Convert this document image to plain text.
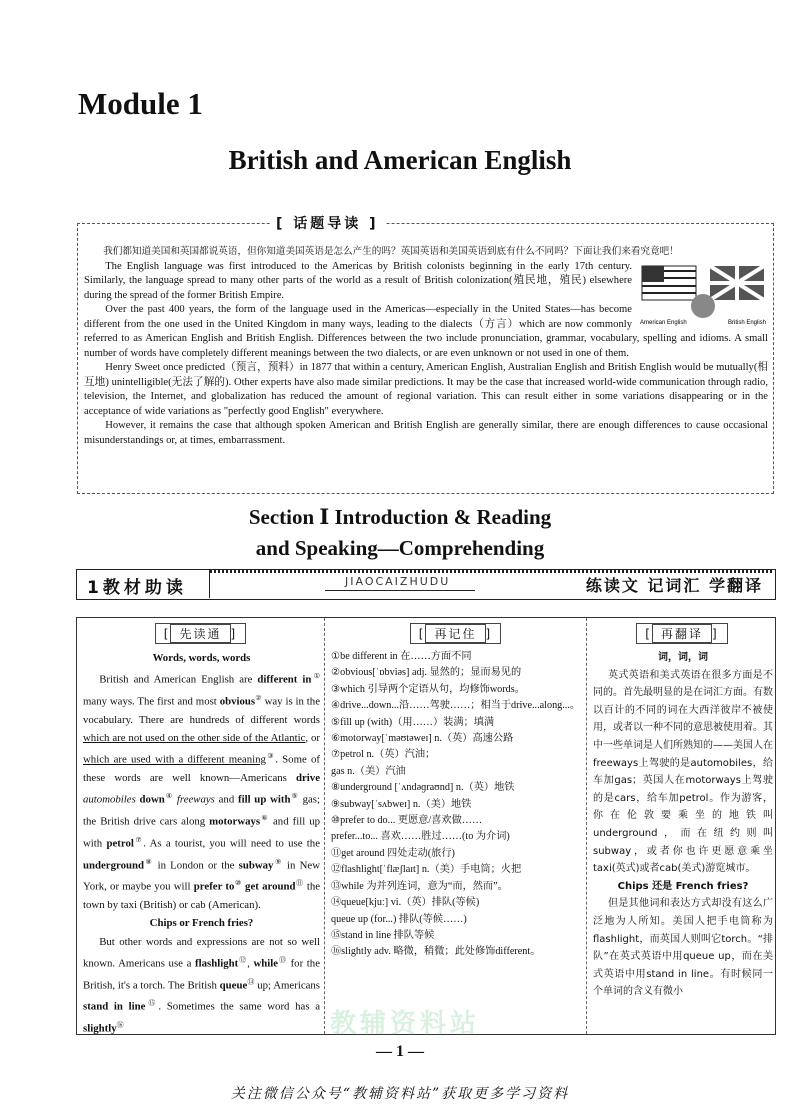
Module 1
British and American English
[ 话题导读 ]

我们都知道美国和英国都说英语，但你知道美国英语是怎么产生的吗？英国英语和美国英语到底有什么不同吗？下面让我们来看究竟吧！

American English	British English

The English language was first introduced to the Americas by British colonists beginning in the early 17th century. Similarly, the language spread to many other parts of the world as a result of British colonization(殖民地，殖民) elsewhere during the spread of the former British Empire.

Over the past 400 years, the form of the language used in the Americas—especially in the United States—has become different from the one used in the United Kingdom in many ways, leading to the dialects（方言）which are now commonly referred to as American English and British English. Differences between the two include pronunciation, grammar, vocabulary, spelling and idioms. A small number of words have completely different meanings between the two dialects, or are even unknown or not used in one of them.

Henry Sweet once predicted（预言，预料）in 1877 that within a century, American English, Australian English and British English would be mutually(相互地) unintelligible(无法了解的). Other experts have also made similar predictions. It may be the case that increased world-wide communication through radio, television, the Internet, and globalization has reduced the amount of regional variation. This can result either in some variations disappearing or in the acceptance of wide variations as "perfectly good English" everywhere.

However, it remains the case that although spoken American and British English are generally similar, there are enough differences to cause occasional misunderstandings or, at times, embarrassment.

Section Ⅰ Introduction & Reading
and Speaking—Comprehending
1教材助读	JIAOCAIZHUDU	练读文 记词汇 学翻译
[ 先读通 ]
Words, words, words
British and American English are different in① many ways. The first and most obvious② way is in the vocabulary. There are hundreds of different words which are not used on the other side of the Atlantic, or which are used with a different meaning③. Some of these words are well known—Americans drive automobiles down④ freeways and fill up with⑤ gas; the British drive cars along motorways⑥ and fill up with petrol⑦. As a tourist, you will need to use the underground⑧ in London or the subway⑨ in New York, or maybe you will prefer to⑩ get around⑪ the town by taxi (British) or cab (American).
Chips or French fries?
But other words and expressions are not so well known. Americans use a flashlight⑫, while⑬ for the British, it's a torch. The British queue⑭ up; Americans stand in line⑮. Sometimes the same word has a slightly⑯
[ 再记住 ]
①be different in 在……方面不同
②obvious[ˈɒbviəs] adj. 显然的；显而易见的
③which 引导两个定语从句，均修饰words。
④drive...down...沿……驾驶……；相当于drive...along...。
⑤fill up (with)（用……）装满；填满
⑥motorway[ˈməʊtəweɪ] n.（英）高速公路
⑦petrol n.（英）汽油；
gas n.（美）汽油
⑧underground [ˈʌndəɡraʊnd] n.（英）地铁
⑨subway[ˈsʌbweɪ] n.（美）地铁
⑩prefer to do... 更愿意/喜欢做……
prefer...to... 喜欢……胜过……(to 为介词)
⑪get around 四处走动(旅行)
⑫flashlight[ˈflæʃlaɪt] n.（美）手电筒；火把
⑬while 为并列连词，意为“而，然而”。
⑭queue[kjuː] vi.（英）排队(等候)
queue up (for...) 排队(等候……)
⑮stand in line 排队等候
⑯slightly adv. 略微，稍微；此处修饰different。
[ 再翻译 ]
词，词，词
英式英语和美式英语在很多方面是不同的。首先最明显的是在词汇方面。有数以百计的不同的词在大西洋彼岸不被使用，或者以一种不同的意思被使用着。其中一些单词是人们所熟知的——美国人在freeways上驾驶的是automobiles，给车加gas；英国人在motorways上驾驶的是cars，给车加petrol。作为游客，你在伦敦要乘坐的地铁叫underground，而在纽约则叫subway，或者你也许更愿意乘坐taxi(英式)或者cab(美式)游览城市。
Chips 还是 French fries?
但是其他词和表达方式却没有这么广泛地为人所知。美国人把手电筒称为flashlight，而英国人则叫它torch。“排队”在英式英语中用queue up，而在美式英语中用stand in line。有时候同一个单词的含义有微小
教辅资料站
— 1 —
关注微信公众号“教辅资料站”获取更多学习资料
